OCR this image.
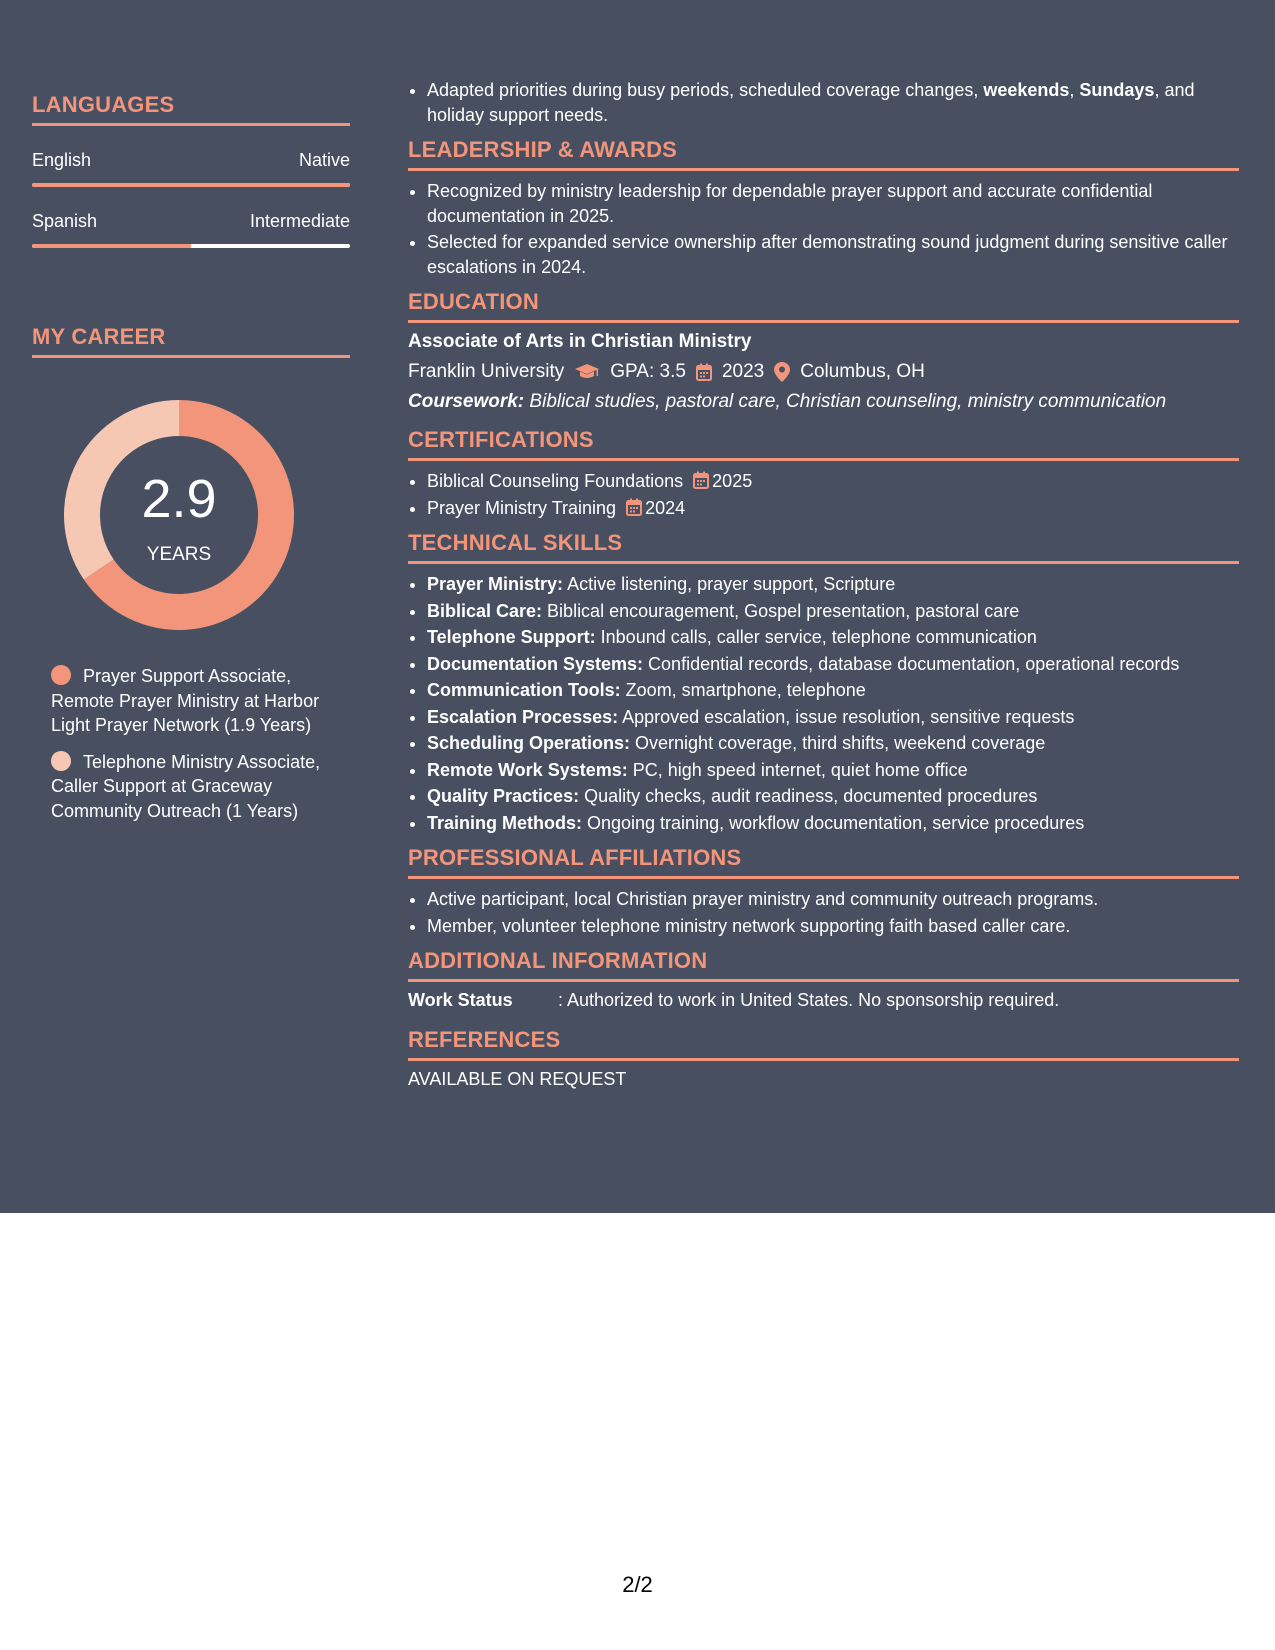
LANGUAGES
English	Native
Spanish	Intermediate
MY CAREER
2.9
YEARS
Prayer Support Associate, Remote Prayer Ministry at Harbor Light Prayer Network (1.9 Years)
Telephone Ministry Associate, Caller Support at Graceway Community Outreach (1 Years)
• Adapted priorities during busy periods, scheduled coverage changes, weekends, Sundays, and holiday support needs.
LEADERSHIP & AWARDS
• Recognized by ministry leadership for dependable prayer support and accurate confidential documentation in 2025.
• Selected for expanded service ownership after demonstrating sound judgment during sensitive caller escalations in 2024.
EDUCATION
Associate of Arts in Christian Ministry
Franklin University GPA: 3.5 2023 Columbus, OH
Coursework: Biblical studies, pastoral care, Christian counseling, ministry communication
CERTIFICATIONS
• Biblical Counseling Foundations 2025
• Prayer Ministry Training 2024
TECHNICAL SKILLS
• Prayer Ministry: Active listening, prayer support, Scripture
• Biblical Care: Biblical encouragement, Gospel presentation, pastoral care
• Telephone Support: Inbound calls, caller service, telephone communication
• Documentation Systems: Confidential records, database documentation, operational records
• Communication Tools: Zoom, smartphone, telephone
• Escalation Processes: Approved escalation, issue resolution, sensitive requests
• Scheduling Operations: Overnight coverage, third shifts, weekend coverage
• Remote Work Systems: PC, high speed internet, quiet home office
• Quality Practices: Quality checks, audit readiness, documented procedures
• Training Methods: Ongoing training, workflow documentation, service procedures
PROFESSIONAL AFFILIATIONS
• Active participant, local Christian prayer ministry and community outreach programs.
• Member, volunteer telephone ministry network supporting faith based caller care.
ADDITIONAL INFORMATION
Work Status	: Authorized to work in United States. No sponsorship required.
REFERENCES
AVAILABLE ON REQUEST
2/2
